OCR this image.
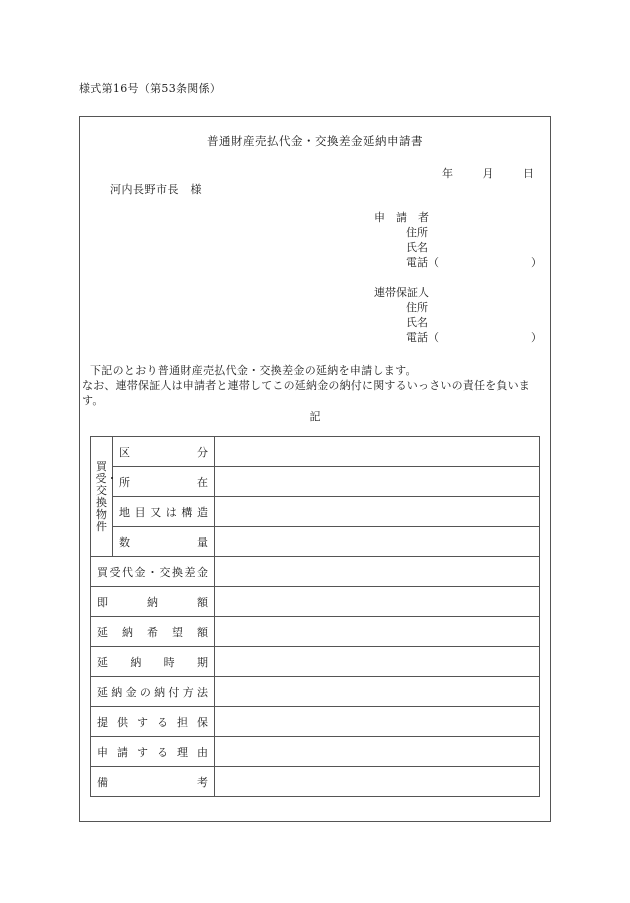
様式第16号（第53条関係）
普通財産売払代金・交換差金延納申請書
年	月	日
河内長野市長　様
申　請　者
住所
氏名
電話（	）
連帯保証人
住所
氏名
電話（	）
下記のとおり普通財産売払代金・交換差金の延納を申請します。
なお、連帯保証人は申請者と連帯してこの延納金の納付に関するいっさいの責任を負います。
記
買受・交換物件	区分	

	所在	

	地目又は構造	

	数量	

買受代金・交換差金		

即納額		

延納希望額		

延納時期		

延納金の納付方法		

提供する担保		

申請する理由		

備考		
